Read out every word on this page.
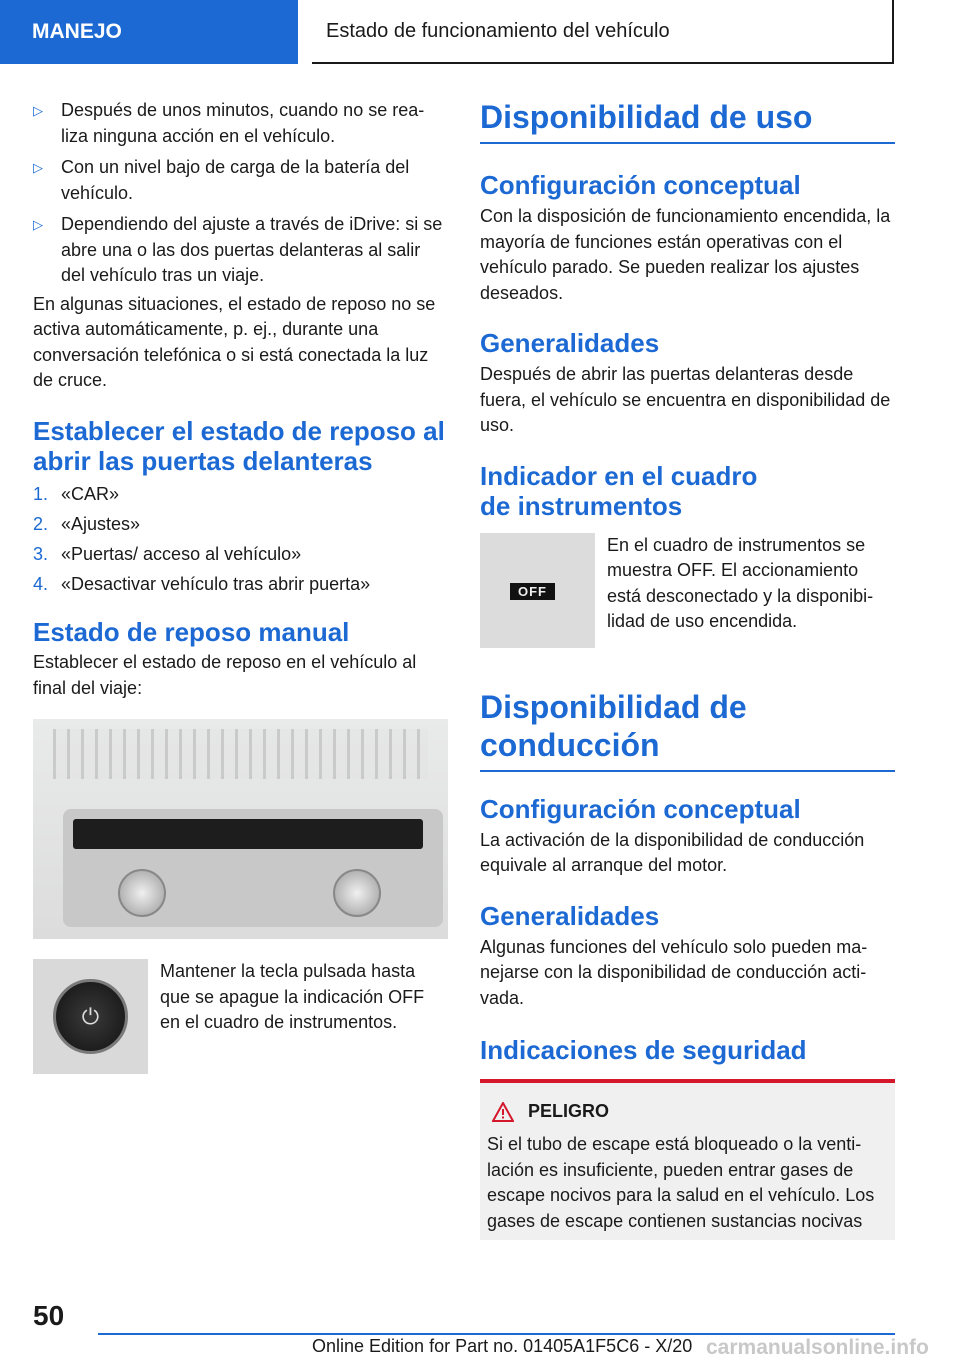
MANEJO	Estado de funcionamiento del vehículo
▷	Después de unos minutos, cuando no se rea‐ liza ninguna acción en el vehículo.
▷	Con un nivel bajo de carga de la batería del vehículo.
▷	Dependiendo del ajuste a través de iDrive: si se abre una o las dos puertas delanteras al salir del vehículo tras un viaje.

En algunas situaciones, el estado de reposo no se activa automáticamente, p. ej., durante una conversación telefónica o si está conectada la luz de cruce.

Establecer el estado de reposo al abrir las puertas delanteras
1. «CAR»
2. «Ajustes»
3. «Puertas/ acceso al vehículo»
4. «Desactivar vehículo tras abrir puerta»
Estado de reposo manual

Establecer el estado de reposo en el vehículo al final del viaje:

⏻

Mantener la tecla pulsada hasta que se apague la indicación OFF en el cuadro de instrumentos.

Disponibilidad de uso
Configuración conceptual

Con la disposición de funcionamiento encendida, la mayoría de funciones están operativas con el vehículo parado. Se pueden realizar los ajustes deseados.

Generalidades

Después de abrir las puertas delanteras desde fuera, el vehículo se encuentra en disponibilidad de uso.

Indicador en el cuadro de instrumentos
OFF

En el cuadro de instrumentos se muestra OFF. El accionamiento está desconectado y la disponibi‐ lidad de uso encendida.

Disponibilidad de conducción
Configuración conceptual

La activación de la disponibilidad de conducción equivale al arranque del motor.

Generalidades

Algunas funciones del vehículo solo pueden ma‐ nejarse con la disponibilidad de conducción acti‐ vada.

Indicaciones de seguridad
PELIGRO

Si el tubo de escape está bloqueado o la venti‐ lación es insuficiente, pueden entrar gases de escape nocivos para la salud en el vehículo. Los gases de escape contienen sustancias nocivas

50
Online Edition for Part no. 01405A1F5C6 - X/20 carmanualsonline.info
